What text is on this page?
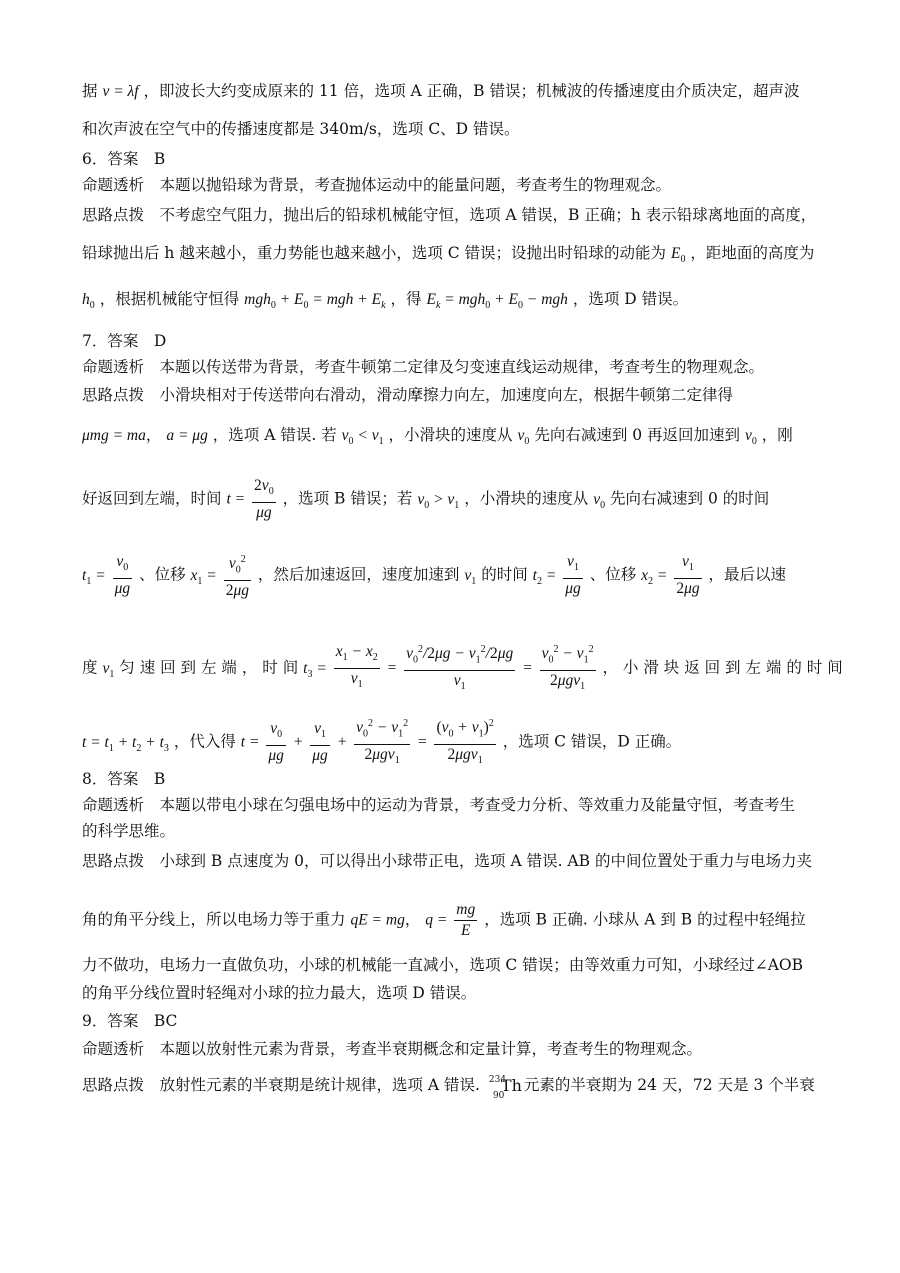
据 v = λf ，即波长大约变成原来的 11 倍，选项 A 正确，B 错误；机械波的传播速度由介质决定，超声波
和次声波在空气中的传播速度都是 340m/s，选项 C、D 错误。
6．答案　B
命题透析　本题以抛铅球为背景，考查抛体运动中的能量问题，考查考生的物理观念。
思路点拨　不考虑空气阻力，抛出后的铅球机械能守恒，选项 A 错误，B 正确；h 表示铅球离地面的高度，
铅球抛出后 h 越来越小，重力势能也越来越小，选项 C 错误；设抛出时铅球的动能为 $E_0$ ，距地面的高度为
$h_0$ ，根据机械能守恒得 $mgh_0 + E_0$ = mgh + $E_k$ ，得 $E_k = mgh_0 + E_0$ − mgh ，选项 D 错误。
7．答案　D
命题透析　本题以传送带为背景，考查牛顿第二定律及匀变速直线运动规律，考查考生的物理观念。
思路点拨　小滑块相对于传送带向右滑动，滑动摩擦力向左，加速度向左，根据牛顿第二定律得
μmg = ma， a = μg ，选项 A 错误. 若 $v_0 < v_1$ ，小滑块的速度从 $v_0$ 先向右减速到 0 再返回加速到 $v_0$ ，刚
好返回到左端，时间 $t = \frac{2v_0}{\mu g}$ ，选项 B 错误；若 $v_0 > v_1$ ，小滑块的速度从 $v_0$ 先向右减速到 0 的时间
$t_1 = \frac{v_0}{\mu g}$ 、位移 $x_1 = \frac{v_0^2}{2\mu g}$ ，然后加速返回，速度加速到 $v_1$ 的时间 $t_2 = \frac{v_1}{\mu g}$ 、位移 $x_2 = \frac{v_1}{2\mu g}$ ，最后以速
度 $v_1$ 匀 速 回 到 左 端 ， 时 间 $t_3 = \frac{x_1 - x_2}{v_1} = \frac{v_0^2/2\mu g - v_1^2/2\mu g}{v_1} = \frac{v_0^2 - v_1^2}{2\mu gv_1}$ ， 小 滑 块 返 回 到 左 端 的 时 间
$t = t_1 + t_2 + t_3$ ，代入得 $t = \frac{v_0}{\mu g} + \frac{v_1}{\mu g} + \frac{v_0^2 - v_1^2}{2\mu gv_1} = \frac{(v_0 + v_1)^2}{2\mu gv_1}$ ，选项 C 错误，D 正确。
8．答案　B
命题透析　本题以带电小球在匀强电场中的运动为背景，考查受力分析、等效重力及能量守恒，考查考生
的科学思维。
思路点拨　小球到 B 点速度为 0，可以得出小球带正电，选项 A 错误. AB 的中间位置处于重力与电场力夹
角的角平分线上，所以电场力等于重力 qE = mg， $q = \frac{mg}{E}$ ，选项 B 正确. 小球从 A 到 B 的过程中轻绳拉
力不做功，电场力一直做负功，小球的机械能一直减小，选项 C 错误；由等效重力可知，小球经过∠AOB
的角平分线位置时轻绳对小球的拉力最大，选项 D 错误。
9．答案　BC
命题透析　本题以放射性元素为背景，考查半衰期概念和定量计算，考查考生的物理观念。
思路点拨　放射性元素的半衰期是统计规律，选项 A 错误. 234
90
Th 元素的半衰期为 24 天，72 天是 3 个半衰
